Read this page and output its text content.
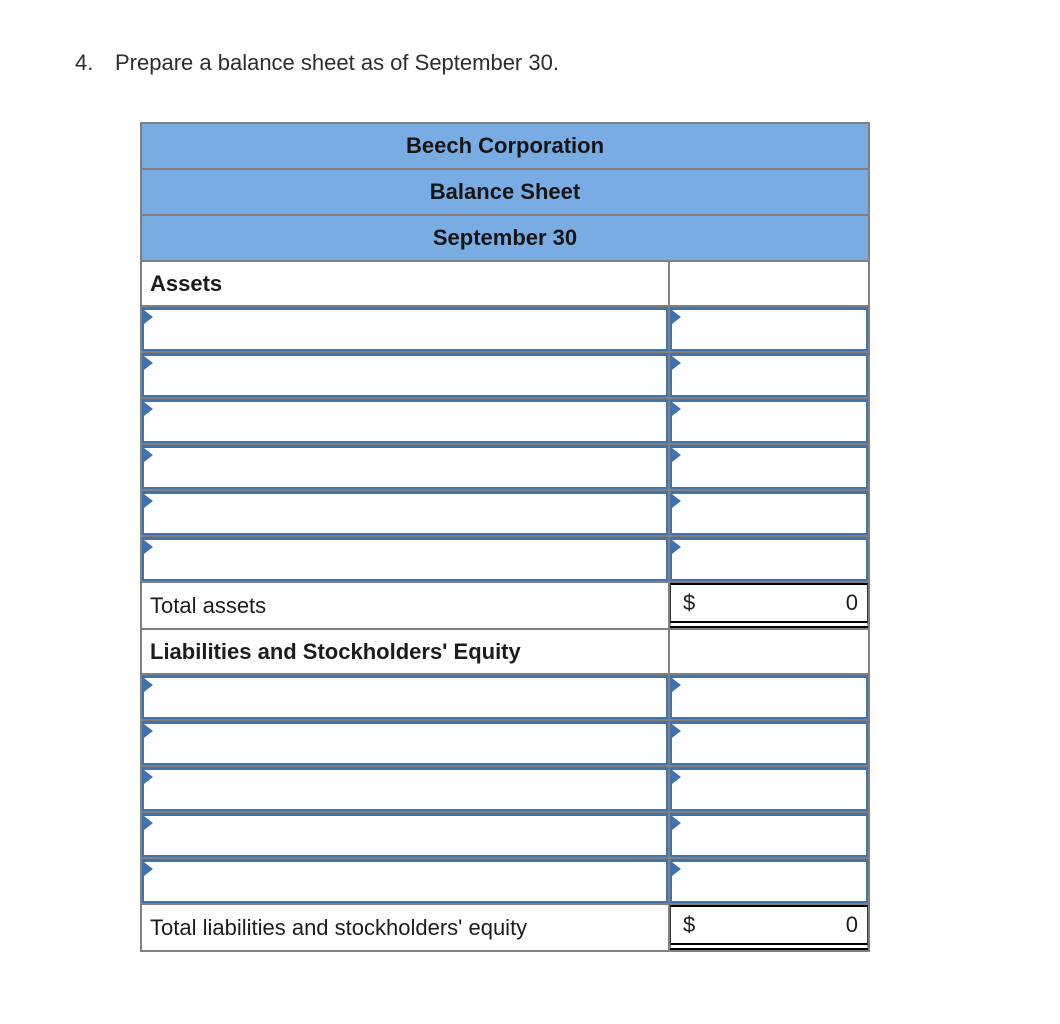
4. Prepare a balance sheet as of September 30.
Beech Corporation	
Balance Sheet	
September 30	
Assets	

Total assets	$ 0

Liabilities and Stockholders' Equity	

Total liabilities and stockholders' equity	$ 0
